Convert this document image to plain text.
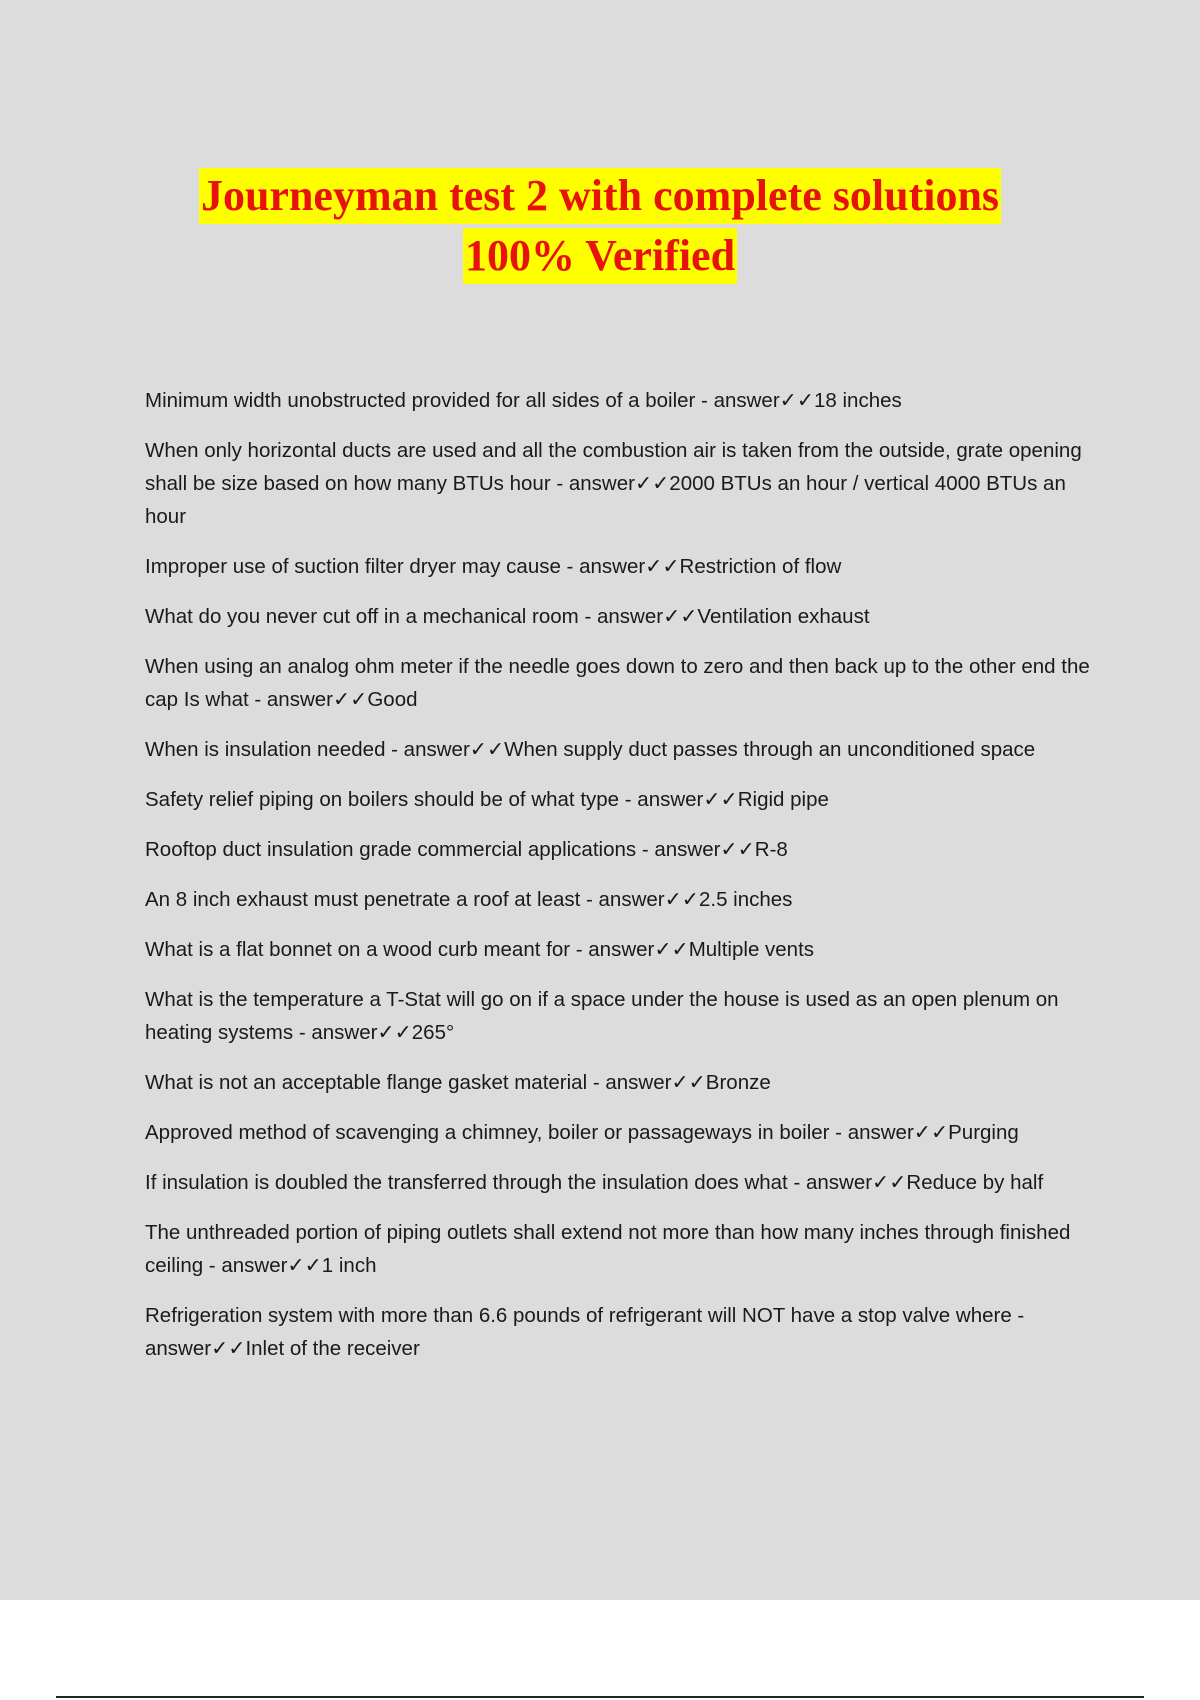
Journeyman test 2 with complete solutions
100% Verified
Minimum width unobstructed provided for all sides of a boiler - answer✓✓18 inches
When only horizontal ducts are used and all the combustion air is taken from the outside, grate opening shall be size based on how many BTUs hour - answer✓✓2000 BTUs an hour / vertical 4000 BTUs an hour
Improper use of suction filter dryer may cause - answer✓✓Restriction of flow
What do you never cut off in a mechanical room - answer✓✓Ventilation exhaust
When using an analog ohm meter if the needle goes down to zero and then back up to the other end the cap Is what - answer✓✓Good
When is insulation needed - answer✓✓When supply duct passes through an unconditioned space
Safety relief piping on boilers should be of what type - answer✓✓Rigid pipe
Rooftop duct insulation grade commercial applications - answer✓✓R-8
An 8 inch exhaust must penetrate a roof at least - answer✓✓2.5 inches
What is a flat bonnet on a wood curb meant for - answer✓✓Multiple vents
What is the temperature a T-Stat will go on if a space under the house is used as an open plenum on heating systems - answer✓✓265°
What is not an acceptable flange gasket material - answer✓✓Bronze
Approved method of scavenging a chimney, boiler or passageways in boiler - answer✓✓Purging
If insulation is doubled the transferred through the insulation does what - answer✓✓Reduce by half
The unthreaded portion of piping outlets shall extend not more than how many inches through finished ceiling - answer✓✓1 inch
Refrigeration system with more than 6.6 pounds of refrigerant will NOT have a stop valve where - answer✓✓Inlet of the receiver
